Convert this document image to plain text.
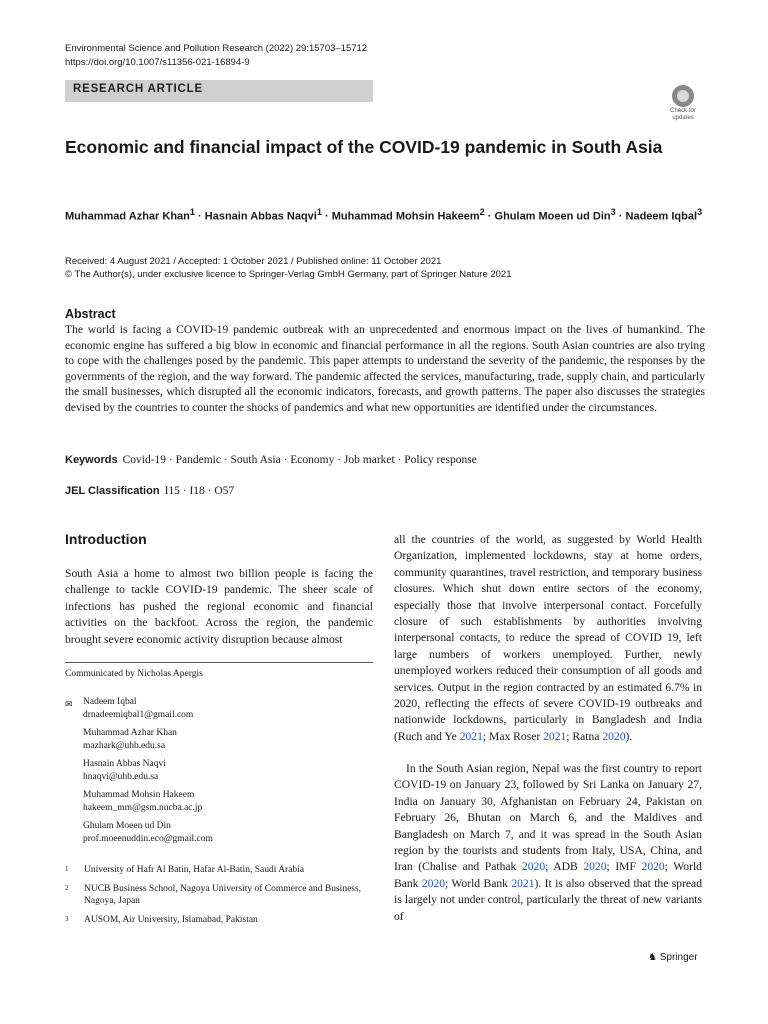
Environmental Science and Pollution Research (2022) 29:15703–15712
https://doi.org/10.1007/s11356-021-16894-9
RESEARCH ARTICLE
Check for updates
Economic and financial impact of the COVID-19 pandemic in South Asia

Muhammad Azhar Khan$^1$ · Hasnain Abbas Naqvi$^1$ · Muhammad Mohsin Hakeem$^2$ · Ghulam Moeen ud Din$^3$ · Nadeem Iqbal$^3$

Received: 4 August 2021 / Accepted: 1 October 2021 / Published online: 11 October 2021
© The Author(s), under exclusive licence to Springer-Verlag GmbH Germany, part of Springer Nature 2021
Abstract

The world is facing a COVID-19 pandemic outbreak with an unprecedented and enormous impact on the lives of humankind. The economic engine has suffered a big blow in economic and financial performance in all the regions. South Asian countries are also trying to cope with the challenges posed by the pandemic. This paper attempts to understand the severity of the pandemic, the responses by the governments of the region, and the way forward. The pandemic affected the services, manufacturing, trade, supply chain, and particularly the small businesses, which disrupted all the economic indicators, forecasts, and growth patterns. The paper also discusses the strategies devised by the countries to counter the shocks of pandemics and what new opportunities are identified under the circumstances.

Keywords Covid-19 · Pandemic · South Asia · Economy · Job market · Policy response
JEL Classification I15 · I18 · O57
Introduction

South Asia a home to almost two billion people is facing the challenge to tackle COVID-19 pandemic. The sheer scale of infections has pushed the regional economic and financial activities on the backfoot. Across the region, the pandemic brought severe economic activity disruption because almost

Communicated by Nicholas Apergis
✉ Nadeem Iqbal
drnadeemiqbal1@gmail.com
Muhammad Azhar Khan
mazhark@uhb.edu.sa
Hasnain Abbas Naqvi
hnaqvi@uhb.edu.sa
Muhammad Mohsin Hakeem
hakeem_mm@gsm.nucba.ac.jp
Ghulam Moeen ud Din
prof.moeenuddin.eco@gmail.com
1 University of Hafr Al Batin, Hafar Al-Batin, Saudi Arabia
2 NUCB Business School, Nagoya University of Commerce and Business, Nagoya, Japan
3 AUSOM, Air University, Islamabad, Pakistan

all the countries of the world, as suggested by World Health Organization, implemented lockdowns, stay at home orders, community quarantines, travel restriction, and temporary business closures. Which shut down entire sectors of the economy, especially those that involve interpersonal contact. Forcefully closure of such establishments by authorities involving interpersonal contacts, to reduce the spread of COVID 19, left large numbers of workers unemployed. Further, newly unemployed workers reduced their consumption of all goods and services. Output in the region contracted by an estimated 6.7% in 2020, reflecting the effects of severe COVID-19 outbreaks and nationwide lockdowns, particularly in Bangladesh and India (Ruch and Ye 2021; Max Roser 2021; Ratna 2020).

In the South Asian region, Nepal was the first country to report COVID-19 on January 23, followed by Sri Lanka on January 27, India on January 30, Afghanistan on February 24, Pakistan on February 26, Bhutan on March 6, and the Maldives and Bangladesh on March 7, and it was spread in the South Asian region by the tourists and students from Italy, USA, China, and Iran (Chalise and Pathak 2020; ADB 2020; IMF 2020; World Bank 2020; World Bank 2021). It is also observed that the spread is largely not under control, particularly the threat of new variants of

♞ Springer
